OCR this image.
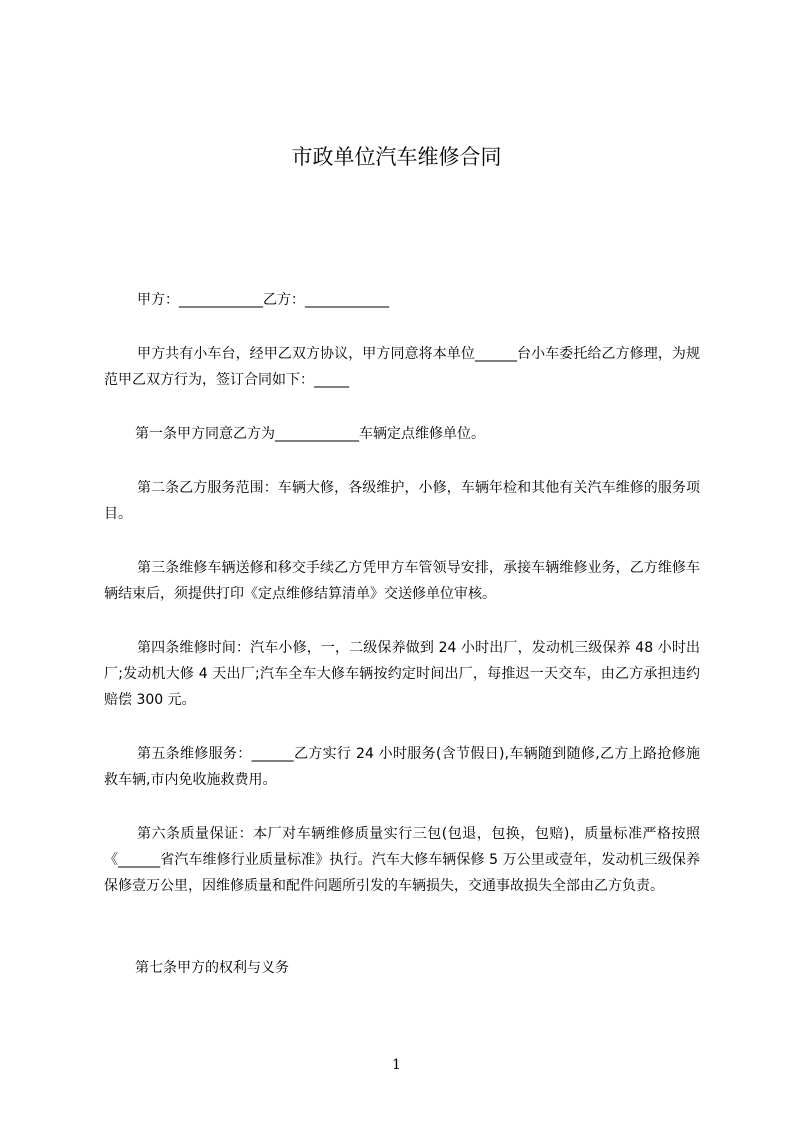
市政单位汽车维修合同
甲方：____________乙方：____________
甲方共有小车台，经甲乙双方协议，甲方同意将本单位______台小车委托给乙方修理，为规范甲乙双方行为，签订合同如下：_____
第一条甲方同意乙方为____________车辆定点维修单位。
第二条乙方服务范围：车辆大修，各级维护，小修，车辆年检和其他有关汽车维修的服务项目。
第三条维修车辆送修和移交手续乙方凭甲方车管领导安排，承接车辆维修业务，乙方维修车辆结束后，须提供打印《定点维修结算清单》交送修单位审核。
第四条维修时间：汽车小修，一，二级保养做到 24 小时出厂，发动机三级保养 48 小时出厂;发动机大修 4 天出厂;汽车全车大修车辆按约定时间出厂，每推迟一天交车，由乙方承担违约赔偿 300 元。
第五条维修服务：______乙方实行 24 小时服务(含节假日),车辆随到随修,乙方上路抢修施救车辆,市内免收施救费用。
第六条质量保证：本厂对车辆维修质量实行三包(包退，包换，包赔)，质量标准严格按照《______省汽车维修行业质量标准》执行。汽车大修车辆保修 5 万公里或壹年，发动机三级保养保修壹万公里，因维修质量和配件问题所引发的车辆损失，交通事故损失全部由乙方负责。
第七条甲方的权利与义务
1
